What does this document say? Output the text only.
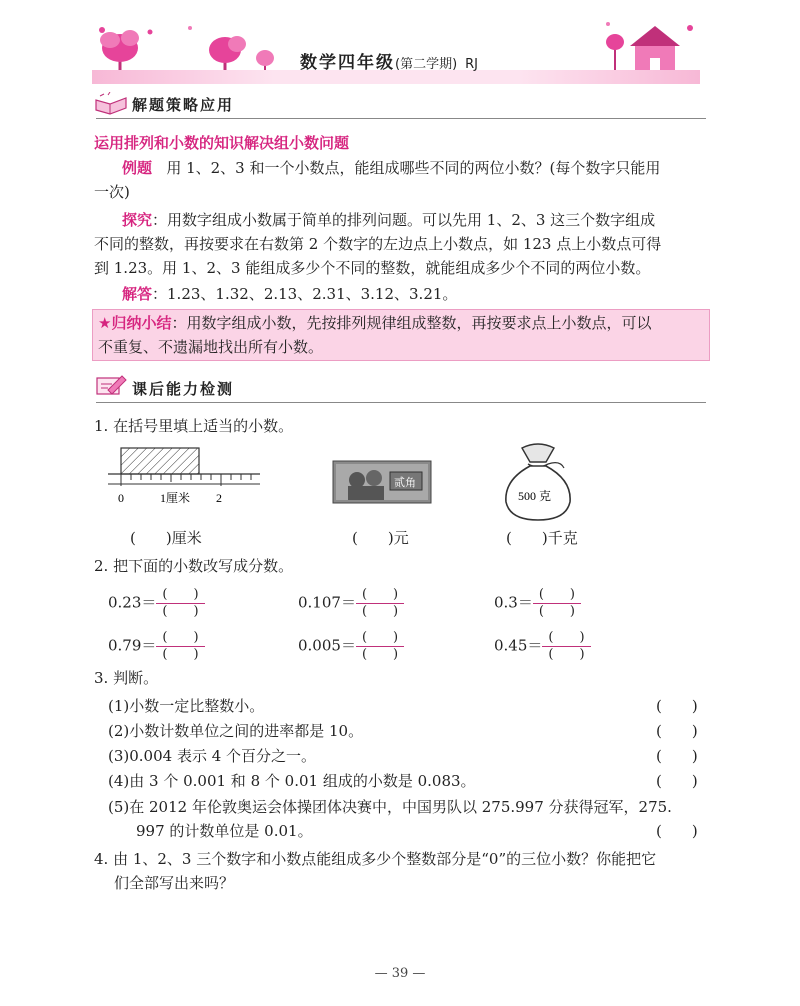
数学四年级(第二学期) RJ
解题策略应用
运用排列和小数的知识解决组小数问题
例题 用 1、2、3 和一个小数点，能组成哪些不同的两位小数？(每个数字只能用
一次)
探究：用数字组成小数属于简单的排列问题。可以先用 1、2、3 这三个数字组成
不同的整数，再按要求在右数第 2 个数字的左边点上小数点，如 123 点上小数点可得
到 1.23。用 1、2、3 能组成多少个不同的整数，就能组成多少个不同的两位小数。
解答：1.23、1.32、2.13、2.31、3.12、3.21。
★归纳小结：用数字组成小数，先按排列规律组成整数，再按要求点上小数点，可以
不重复、不遗漏地找出所有小数。
课后能力检测
1. 在括号里填上适当的小数。
0	1厘米 2
贰角
500 克
(　　)厘米	(　　)元	(　　)千克
2. 把下面的小数改写成分数。
$0.23= \frac{( )}{( )}$	$0.107= \frac{( )}{( )}$	$0.3= \frac{( )}{( )}$
$0.79= \frac{( )}{( )}$	$0.005= \frac{( )}{( )}$	$0.45= \frac{( )}{( )}$
3. 判断。
(1)小数一定比整数小。	(　　)
(2)小数计数单位之间的进率都是 10。	(　　)
(3)0.004 表示 4 个百分之一。	(　　)
(4)由 3 个 0.001 和 8 个 0.01 组成的小数是 0.083。	(　　)
(5)在 2012 年伦敦奥运会体操团体决赛中，中国男队以 275.997 分获得冠军，275.
997 的计数单位是 0.01。	(　　)
4. 由 1、2、3 三个数字和小数点能组成多少个整数部分是“0”的三位小数？你能把它
们全部写出来吗？
— 39 —
